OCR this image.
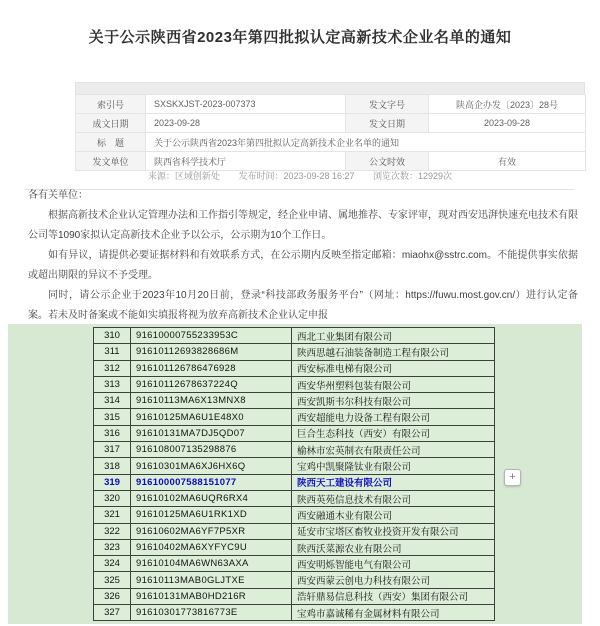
关于公示陕西省2023年第四批拟认定高新技术企业名单的通知
索引号	SXSKXJST-2023-007373	发文字号	陕高企办发〔2023〕28号
成文日期	2023-09-28	发文日期	2023-09-28
标　题	关于公示陕西省2023年第四批拟认定高新技术企业名单的通知		
发文单位	陕西省科学技术厅	公文时效	有效
来源：区域创新处 发布时间：2023-09-28 16:27 浏览次数：12929次

各有关单位：

根据高新技术企业认定管理办法和工作指引等规定，经企业申请、属地推荐、专家评审，现对西安迅湃快速充电技术有限公司等1090家拟认定高新技术企业予以公示，公示期为10个工作日。

如有异议，请提供必要证据材料和有效联系方式，在公示期内反映至指定邮箱：miaohx@sstrc.com。不能提供事实依据或超出期限的异议不予受理。

同时，请公示企业于2023年10月20日前，登录“科技部政务服务平台”（网址：https://fuwu.most.gov.cn/）进行认定备案。若未及时备案或不能如实填报将视为放弃高新技术企业认定申报

310	91610000755233953C	西北工业集团有限公司
311	91610112693828686M	陕西思越石油装备制造工程有限公司
312	916101126786476928	西安标准电梯有限公司
313	91610112678637224Q	西安华州塑料包装有限公司
314	91610113MA6X13MNX8	西安凯斯韦尔科技有限公司
315	91610125MA6U1E48X0	西安超能电力设备工程有限公司
316	91610131MA7DJ5QD07	巨合生态科技（西安）有限公司
317	916108007135298876	榆林市宏英制衣有限责任公司
318	91610301MA6XJ6HX6Q	宝鸡中凯聚隆钛业有限公司
319	916100007588151077	陕西天工建设有限公司
320	91610102MA6UQR6RX4	陕西英苑信息技术有限公司
321	91610125MA6U1RK1XD	西安融通木业有限公司
322	91610602MA6YF7P5XR	延安市宝塔区畜牧业投资开发有限公司
323	91610402MA6XYFYC9U	陕西沃菜源农业有限公司
324	91610104MA6WN63AXA	西安明烁智能电气有限公司
325	91610113MAB0GLJTXE	西安西蒙云创电力科技有限公司
326	91610131MAB0HD216R	浩轩鼎易信息科技（西安）集团有限公司
327	91610301773816773E	宝鸡市嘉诚稀有金属材料有限公司
+
